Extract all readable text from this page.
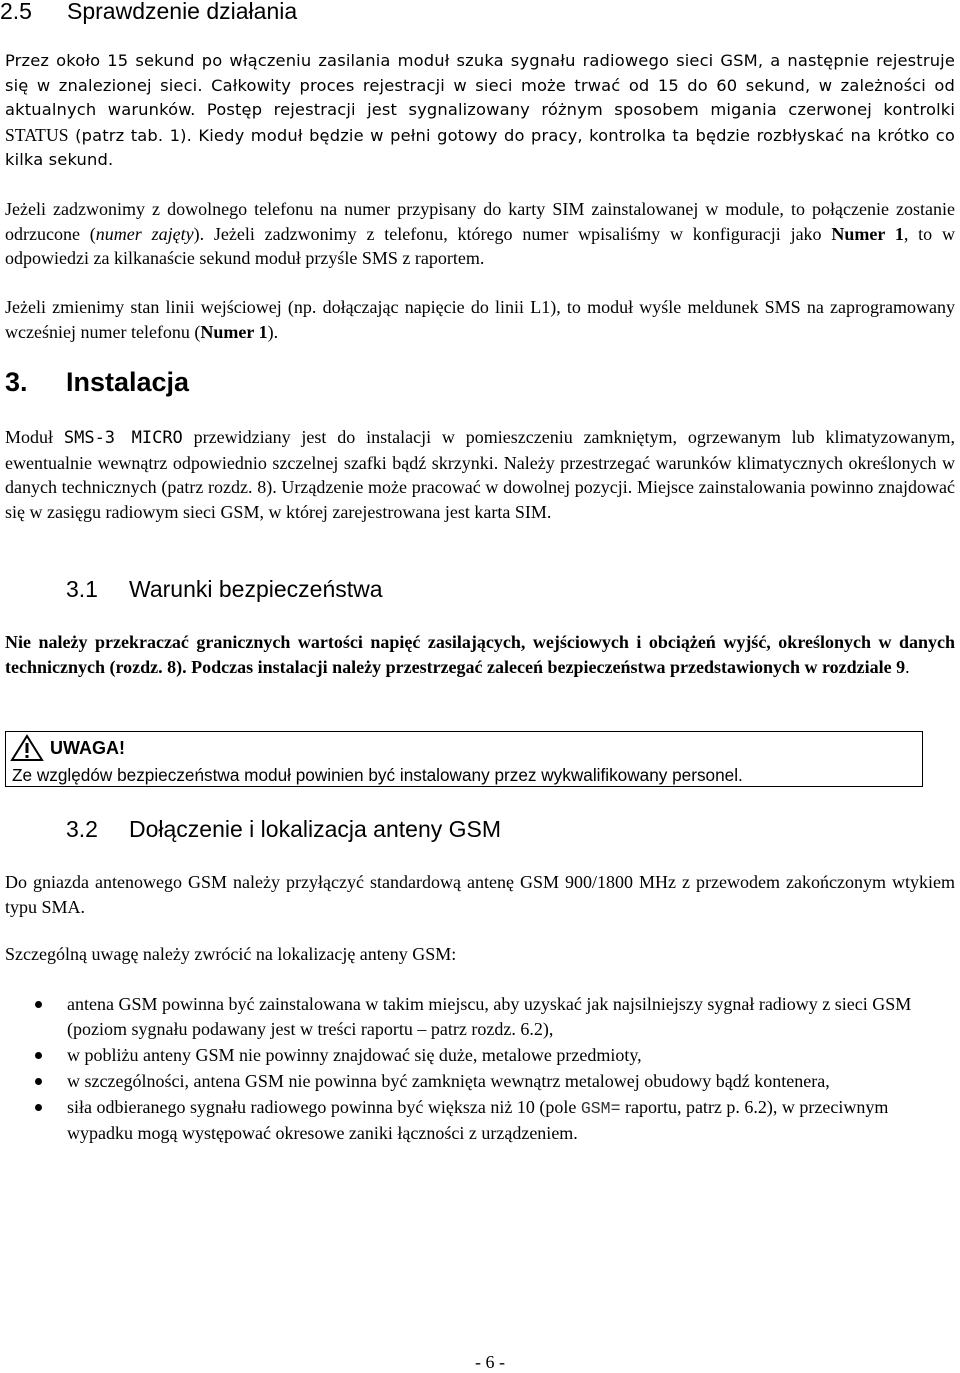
2.5 Sprawdzenie działania

Przez około 15 sekund po włączeniu zasilania moduł szuka sygnału radiowego sieci GSM, a następnie rejestruje się w znalezionej sieci. Całkowity proces rejestracji w sieci może trwać od 15 do 60 sekund, w zależności od aktualnych warunków. Postęp rejestracji jest sygnalizowany różnym sposobem migania czerwonej kontrolki STATUS (patrz tab. 1). Kiedy moduł będzie w pełni gotowy do pracy, kontrolka ta będzie rozbłyskać na krótko co kilka sekund.

Jeżeli zadzwonimy z dowolnego telefonu na numer przypisany do karty SIM zainstalowanej w module, to połączenie zostanie odrzucone (numer zajęty). Jeżeli zadzwonimy z telefonu, którego numer wpisaliśmy w konfiguracji jako Numer 1, to w odpowiedzi za kilkanaście sekund moduł przyśle SMS z raportem.

Jeżeli zmienimy stan linii wejściowej (np. dołączając napięcie do linii L1), to moduł wyśle meldunek SMS na zaprogramowany wcześniej numer telefonu (Numer 1).

3. Instalacja

Moduł SMS-3 MICRO przewidziany jest do instalacji w pomieszczeniu zamkniętym, ogrzewanym lub klimatyzowanym, ewentualnie wewnątrz odpowiednio szczelnej szafki bądź skrzynki. Należy przestrzegać warunków klimatycznych określonych w danych technicznych (patrz rozdz. 8). Urządzenie może pracować w dowolnej pozycji. Miejsce zainstalowania powinno znajdować się w zasięgu radiowym sieci GSM, w której zarejestrowana jest karta SIM.

3.1 Warunki bezpieczeństwa

Nie należy przekraczać granicznych wartości napięć zasilających, wejściowych i obciążeń wyjść, określonych w danych technicznych (rozdz. 8). Podczas instalacji należy przestrzegać zaleceń bezpieczeństwa przedstawionych w rozdziale 9.

UWAGA!
Ze względów bezpieczeństwa moduł powinien być instalowany przez wykwalifikowany personel.
3.2 Dołączenie i lokalizacja anteny GSM

Do gniazda antenowego GSM należy przyłączyć standardową antenę GSM 900/1800 MHz z przewodem zakończonym wtykiem typu SMA.

Szczególną uwagę należy zwrócić na lokalizację anteny GSM:

antena GSM powinna być zainstalowana w takim miejscu, aby uzyskać jak najsilniejszy sygnał radiowy z sieci GSM (poziom sygnału podawany jest w treści raportu – patrz rozdz. 6.2),
w pobliżu anteny GSM nie powinny znajdować się duże, metalowe przedmioty,
w szczególności, antena GSM nie powinna być zamknięta wewnątrz metalowej obudowy bądź kontenera,
siła odbieranego sygnału radiowego powinna być większa niż 10 (pole GSM= raportu, patrz p. 6.2), w przeciwnym wypadku mogą występować okresowe zaniki łączności z urządzeniem.
- 6 -
